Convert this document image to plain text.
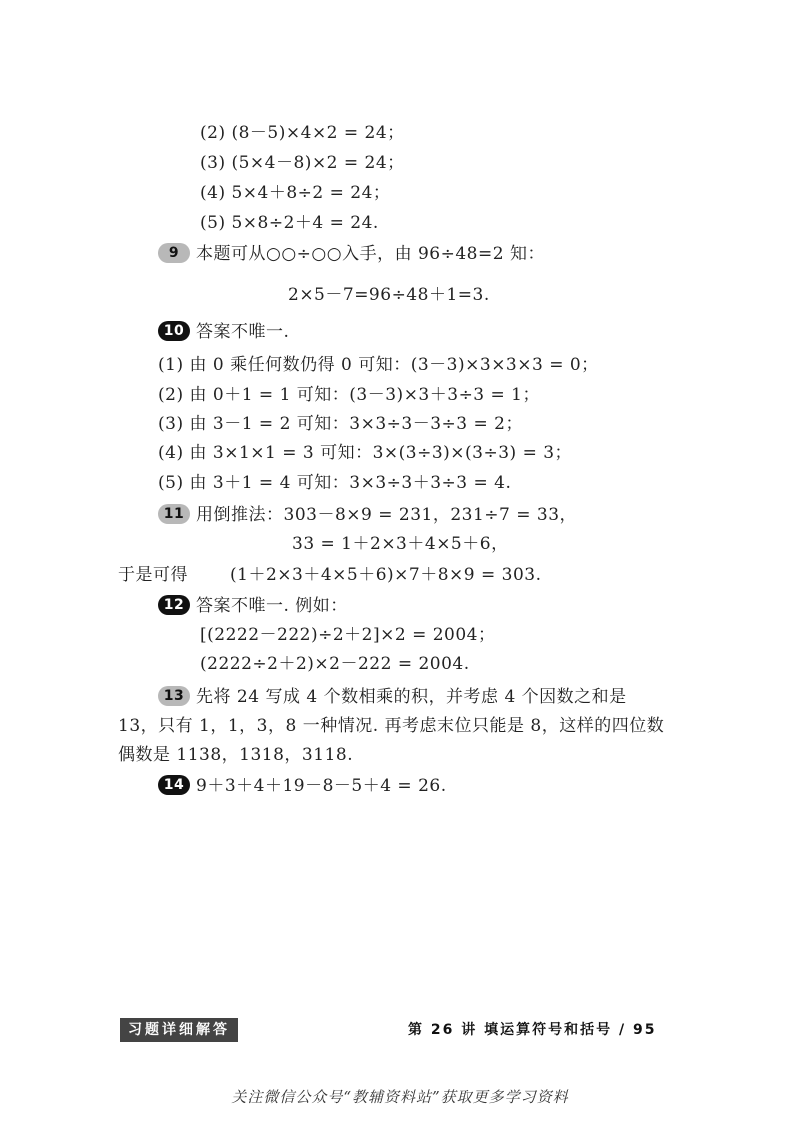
(2) (8－5)×4×2 = 24；
(3) (5×4－8)×2 = 24；
(4) 5×4＋8÷2 = 24；
(5) 5×8÷2＋4 = 24.
9 本题可从○○÷○○入手，由 96÷48=2 知：
2×5－7=96÷48＋1=3.
10 答案不唯一.
(1) 由 0 乘任何数仍得 0 可知：(3－3)×3×3×3 = 0；
(2) 由 0＋1 = 1 可知：(3－3)×3＋3÷3 = 1；
(3) 由 3－1 = 2 可知：3×3÷3－3÷3 = 2；
(4) 由 3×1×1 = 3 可知：3×(3÷3)×(3÷3) = 3；
(5) 由 3＋1 = 4 可知：3×3÷3＋3÷3 = 4.
11 用倒推法：303－8×9 = 231，231÷7 = 33，
33 = 1＋2×3＋4×5＋6，
于是可得 (1＋2×3＋4×5＋6)×7＋8×9 = 303.
12 答案不唯一. 例如：
[(2222－222)÷2＋2]×2 = 2004；
(2222÷2＋2)×2－222 = 2004.
13 先将 24 写成 4 个数相乘的积，并考虑 4 个因数之和是
13，只有 1，1，3，8 一种情况. 再考虑末位只能是 8，这样的四位数
偶数是 1138，1318，3118.
14 9＋3＋4＋19－8－5＋4 = 26.
习题详细解答	第 26 讲 填运算符号和括号 / 95
关注微信公众号“教辅资料站”获取更多学习资料
